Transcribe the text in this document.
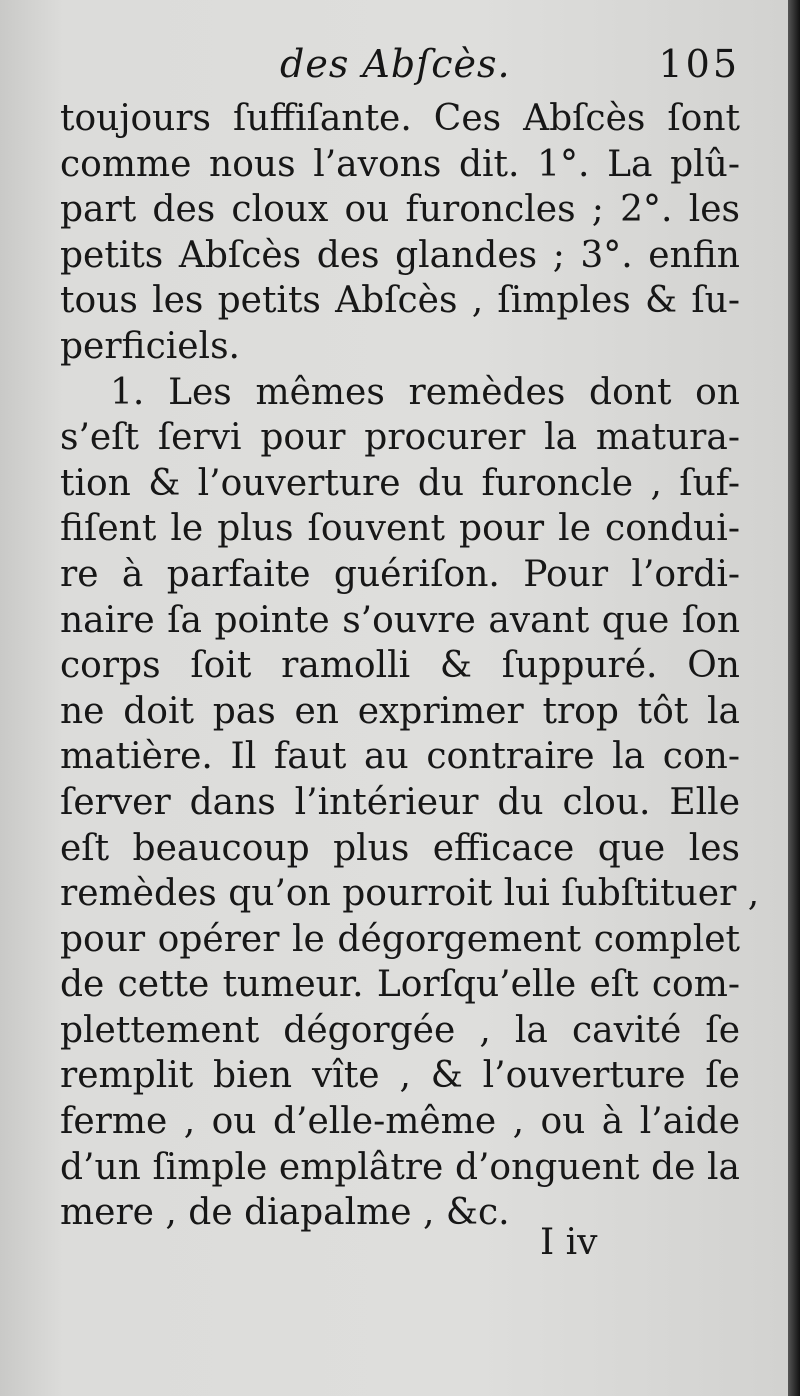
des Abſcès.	105
toujours ſuffiſante. Ces Abſcès ſont
comme nous l’avons dit. 1°. La plû-
part des cloux ou furoncles ; 2°. les
petits Abſcès des glandes ; 3°. enfin
tous les petits Abſcès , ſimples & ſu-
perficiels.
1. Les mêmes remèdes dont on
s’eſt ſervi pour procurer la matura-
tion & l’ouverture du furoncle , ſuf-
fiſent le plus ſouvent pour le condui-
re à parfaite guériſon. Pour l’ordi-
naire ſa pointe s’ouvre avant que ſon
corps ſoit ramolli & ſuppuré. On
ne doit pas en exprimer trop tôt la
matière. Il faut au contraire la con-
ſerver dans l’intérieur du clou. Elle
eſt beaucoup plus efficace que les
remèdes qu’on pourroit lui ſubſtituer ,
pour opérer le dégorgement complet
de cette tumeur. Lorſqu’elle eſt com-
plettement dégorgée , la cavité ſe
remplit bien vîte , & l’ouverture ſe
ferme , ou d’elle-même , ou à l’aide
d’un ſimple emplâtre d’onguent de la
mere , de diapalme , &c.
I iv
